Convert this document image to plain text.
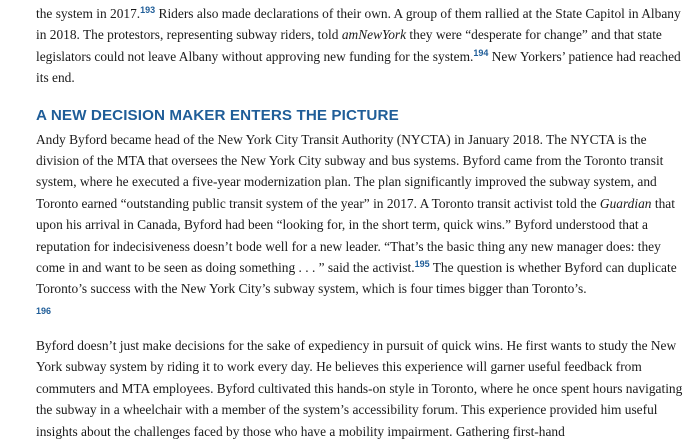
the system in 2017.$^{193}$ Riders also made declarations of their own. A group of them rallied at the State Capitol in Albany in 2018. The protestors, representing subway riders, told amNewYork they were “desperate for change” and that state legislators could not leave Albany without approving new funding for the system.$^{194}$ New Yorkers’ patience had reached its end.

A NEW DECISION MAKER ENTERS THE PICTURE

Andy Byford became head of the New York City Transit Authority (NYCTA) in January 2018. The NYCTA is the division of the MTA that oversees the New York City subway and bus systems. Byford came from the Toronto transit system, where he executed a five-year modernization plan. The plan significantly improved the subway system, and Toronto earned “outstanding public transit system of the year” in 2017. A Toronto transit activist told the Guardian that upon his arrival in Canada, Byford had been “looking for, in the short term, quick wins.” Byford understood that a reputation for indecisiveness doesn’t bode well for a new leader. “That’s the basic thing any new manager does: they come in and want to be seen as doing something . . . ” said the activist.$^{195}$ The question is whether Byford can duplicate Toronto’s success with the New York City’s subway system, which is four times bigger than Toronto’s.
196

Byford doesn’t just make decisions for the sake of expediency in pursuit of quick wins. He first wants to study the New York subway system by riding it to work every day. He believes this experience will garner useful feedback from commuters and MTA employees. Byford cultivated this hands-on style in Toronto, where he once spent hours navigating the subway in a wheelchair with a member of the system’s accessibility forum. This experience provided him useful insights about the challenges faced by those who have a mobility impairment. Gathering first-hand
